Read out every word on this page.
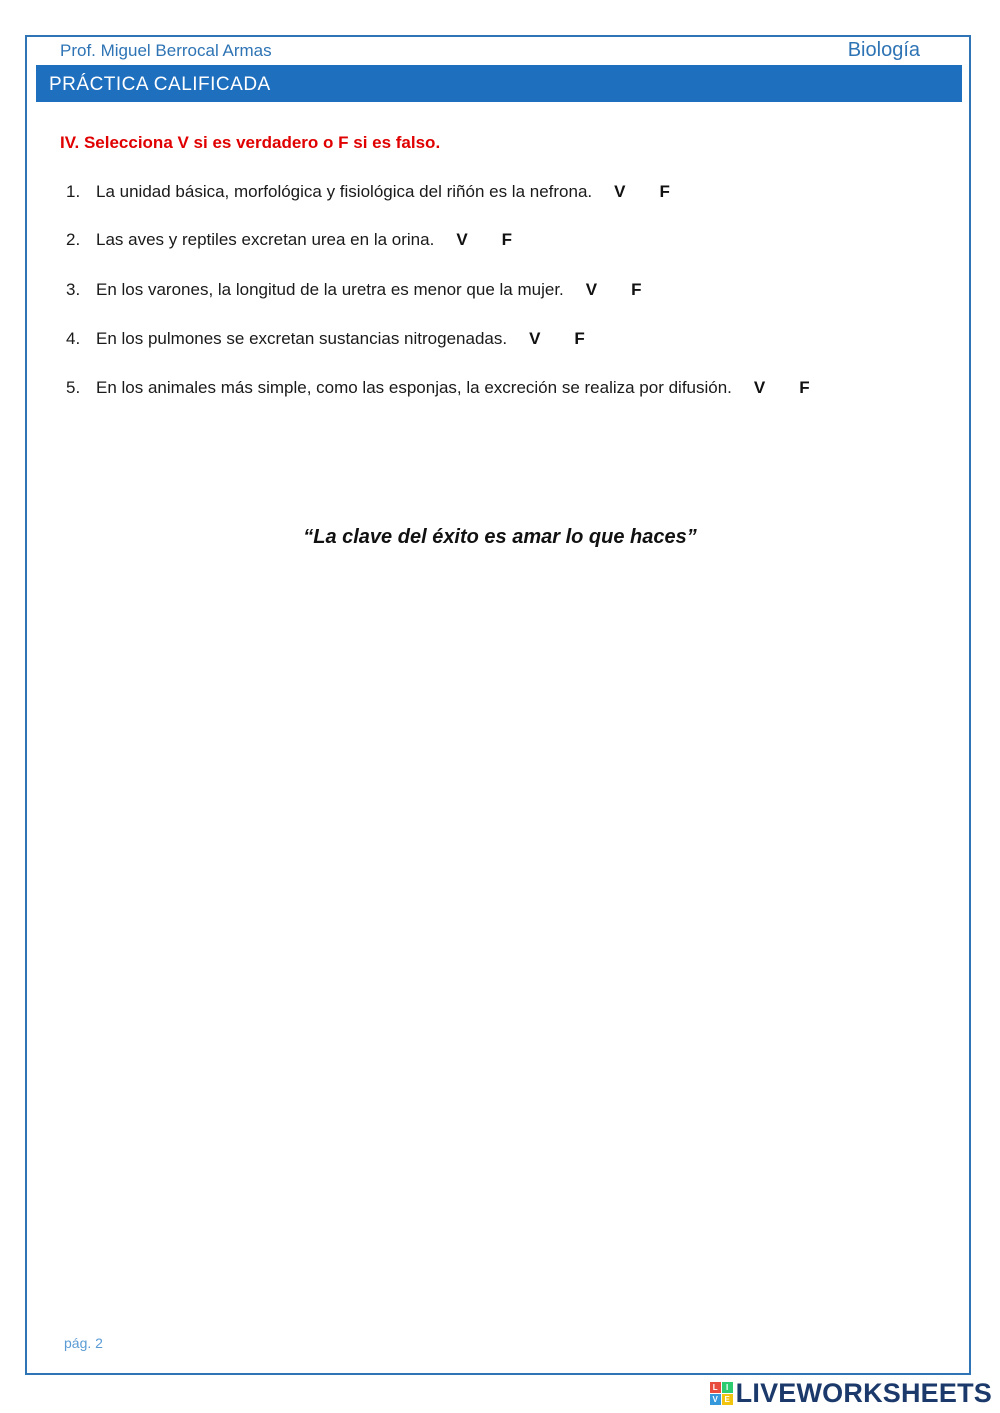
Prof. Miguel Berrocal Armas	Biología
PRÁCTICA CALIFICADA
IV. Selecciona V si es verdadero o F si es falso.
1. La unidad básica, morfológica y fisiológica del riñón es la nefrona. V F
2. Las aves y reptiles excretan urea en la orina. V F
3. En los varones, la longitud de la uretra es menor que la mujer. V F
4. En los pulmones se excretan sustancias nitrogenadas. V F
5. En los animales más simple, como las esponjas, la excreción se realiza por difusión. V F
“La clave del éxito es amar lo que haces”
pág. 2
L	I
V E LIVEWORKSHEETS
